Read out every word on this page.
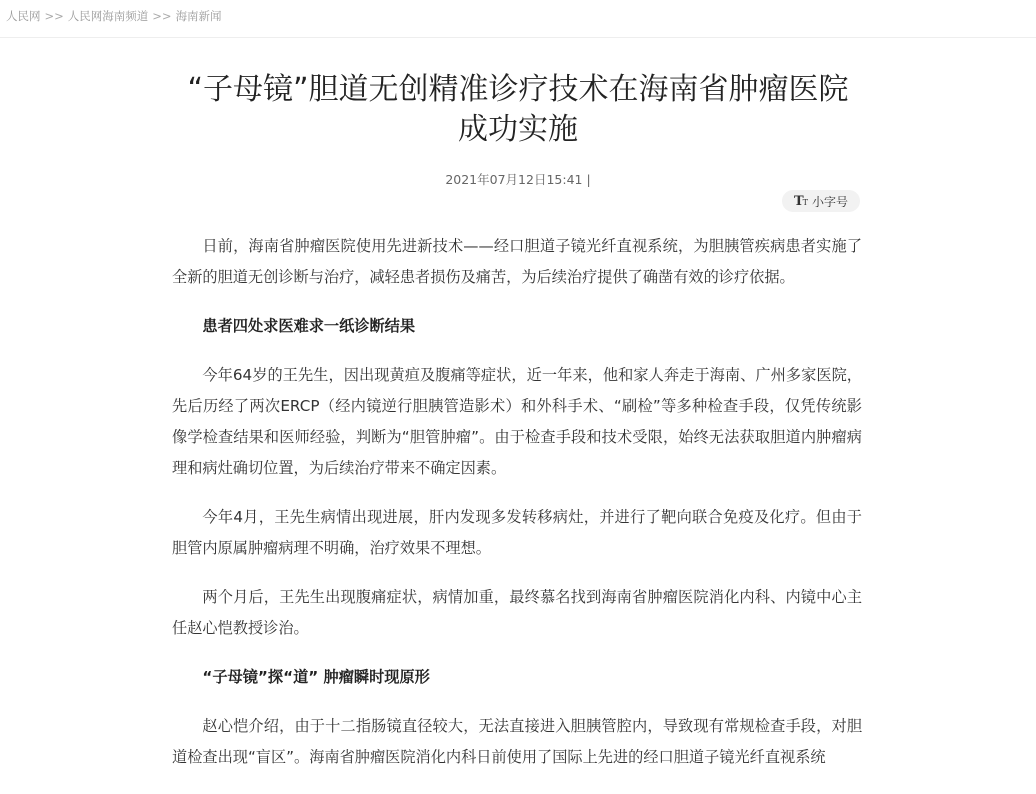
人民网 >> 人民网海南频道 >> 海南新闻
“子母镜”胆道无创精准诊疗技术在海南省肿瘤医院成功实施
2021年07月12日15:41 |
TT 小字号

日前，海南省肿瘤医院使用先进新技术——经口胆道子镜光纤直视系统，为胆胰管疾病患者实施了全新的胆道无创诊断与治疗，减轻患者损伤及痛苦，为后续治疗提供了确凿有效的诊疗依据。

患者四处求医难求一纸诊断结果

今年64岁的王先生，因出现黄疸及腹痛等症状，近一年来，他和家人奔走于海南、广州多家医院，先后历经了两次ERCP（经内镜逆行胆胰管造影术）和外科手术、“刷检”等多种检查手段，仅凭传统影像学检查结果和医师经验，判断为“胆管肿瘤”。由于检查手段和技术受限，始终无法获取胆道内肿瘤病理和病灶确切位置，为后续治疗带来不确定因素。

今年4月，王先生病情出现进展，肝内发现多发转移病灶，并进行了靶向联合免疫及化疗。但由于胆管内原属肿瘤病理不明确，治疗效果不理想。

两个月后，王先生出现腹痛症状，病情加重，最终慕名找到海南省肿瘤医院消化内科、内镜中心主任赵心恺教授诊治。

“子母镜”探“道” 肿瘤瞬时现原形

赵心恺介绍，由于十二指肠镜直径较大，无法直接进入胆胰管腔内，导致现有常规检查手段，对胆道检查出现“盲区”。海南省肿瘤医院消化内科日前使用了国际上先进的经口胆道子镜光纤直视系统
